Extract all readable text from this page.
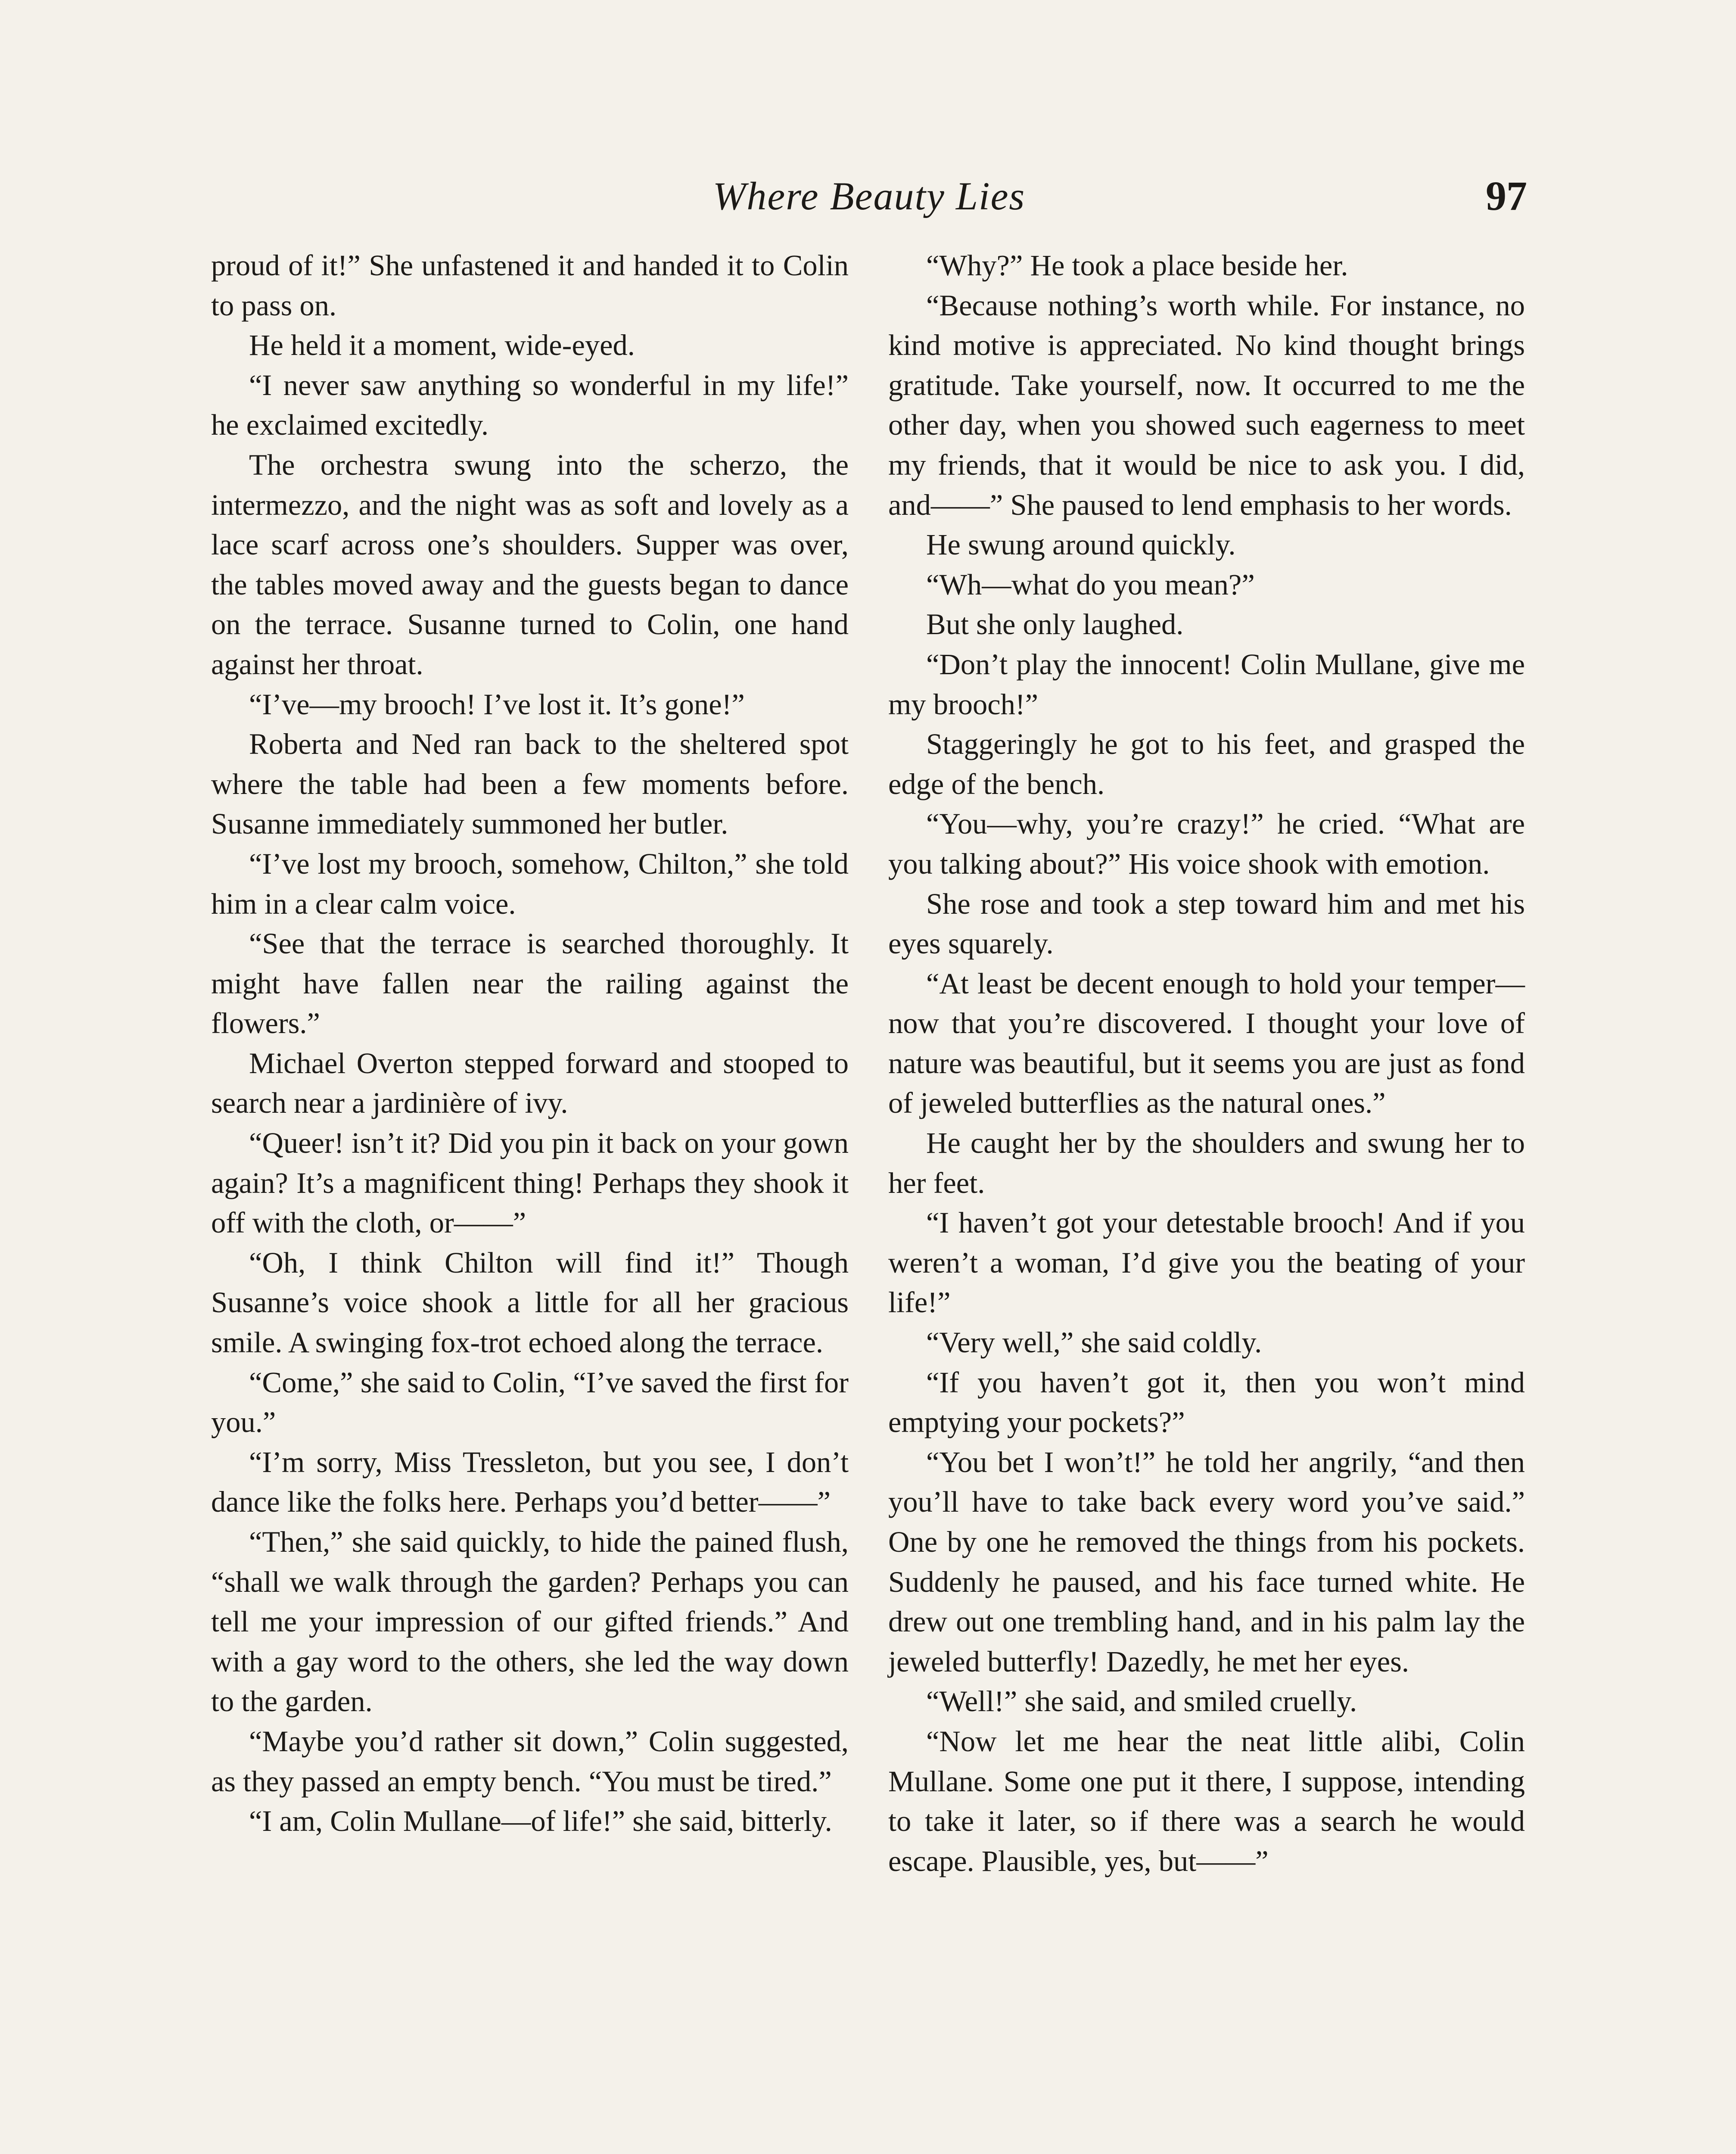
Where Beauty Lies	97

proud of it!” She unfastened it and handed it to Colin to pass on.

He held it a moment, wide-eyed.

“I never saw anything so wonderful in my life!” he exclaimed excitedly.

The orchestra swung into the scherzo, the intermezzo, and the night was as soft and lovely as a lace scarf across one’s shoulders. Supper was over, the tables moved away and the guests began to dance on the terrace. Susanne turned to Colin, one hand against her throat.

“I’ve—my brooch! I’ve lost it. It’s gone!”

Roberta and Ned ran back to the sheltered spot where the table had been a few moments before. Susanne immediately summoned her butler.

“I’ve lost my brooch, somehow, Chilton,” she told him in a clear calm voice.

“See that the terrace is searched thoroughly. It might have fallen near the railing against the flowers.”

Michael Overton stepped forward and stooped to search near a jardinière of ivy.

“Queer! isn’t it? Did you pin it back on your gown again? It’s a magnificent thing! Perhaps they shook it off with the cloth, or——”

“Oh, I think Chilton will find it!” Though Susanne’s voice shook a little for all her gracious smile. A swinging fox-trot echoed along the terrace.

“Come,” she said to Colin, “I’ve saved the first for you.”

“I’m sorry, Miss Tressleton, but you see, I don’t dance like the folks here. Perhaps you’d better——”

“Then,” she said quickly, to hide the pained flush, “shall we walk through the garden? Perhaps you can tell me your impression of our gifted friends.” And with a gay word to the others, she led the way down to the garden.

“Maybe you’d rather sit down,” Colin suggested, as they passed an empty bench. “You must be tired.”

“I am, Colin Mullane—of life!” she said, bitterly.

“Why?” He took a place beside her.

“Because nothing’s worth while. For instance, no kind motive is appreciated. No kind thought brings gratitude. Take yourself, now. It occurred to me the other day, when you showed such eagerness to meet my friends, that it would be nice to ask you. I did, and——” She paused to lend emphasis to her words.

He swung around quickly.

“Wh—what do you mean?”

But she only laughed.

“Don’t play the innocent! Colin Mullane, give me my brooch!”

Staggeringly he got to his feet, and grasped the edge of the bench.

“You—why, you’re crazy!” he cried. “What are you talking about?” His voice shook with emotion.

She rose and took a step toward him and met his eyes squarely.

“At least be decent enough to hold your temper—now that you’re discovered. I thought your love of nature was beautiful, but it seems you are just as fond of jeweled butterflies as the natural ones.”

He caught her by the shoulders and swung her to her feet.

“I haven’t got your detestable brooch! And if you weren’t a woman, I’d give you the beating of your life!”

“Very well,” she said coldly.

“If you haven’t got it, then you won’t mind emptying your pockets?”

“You bet I won’t!” he told her angrily, “and then you’ll have to take back every word you’ve said.” One by one he removed the things from his pockets. Suddenly he paused, and his face turned white. He drew out one trembling hand, and in his palm lay the jeweled butterfly! Dazedly, he met her eyes.

“Well!” she said, and smiled cruelly.

“Now let me hear the neat little alibi, Colin Mullane. Some one put it there, I suppose, intending to take it later, so if there was a search he would escape. Plausible, yes, but——”
